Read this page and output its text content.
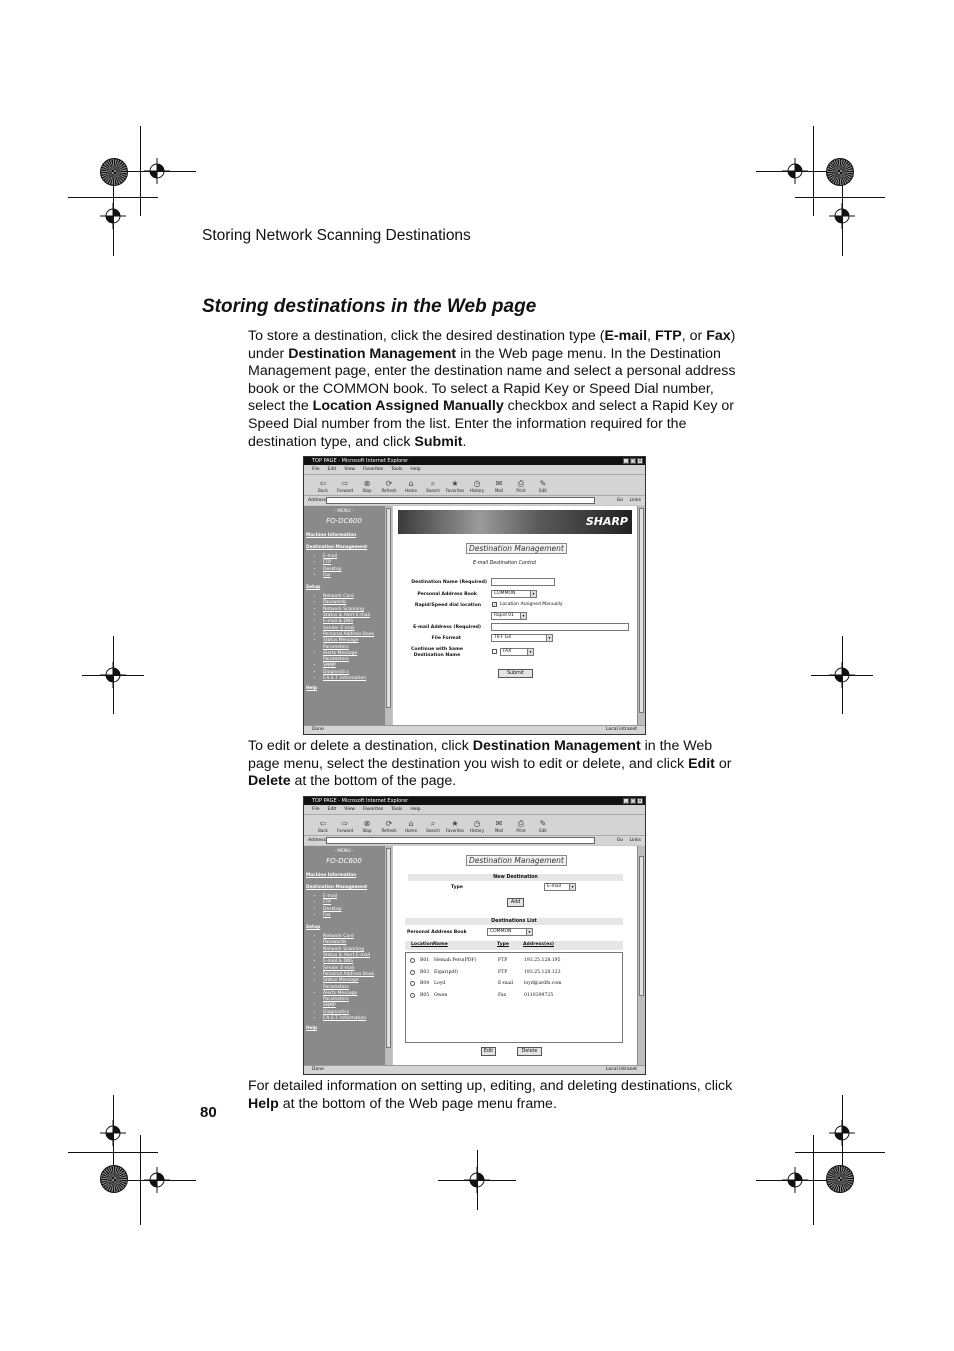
Storing Network Scanning Destinations
Storing destinations in the Web page
To store a destination, click the desired destination type (E-mail, FTP, or Fax) under Destination Management in the Web page menu. In the Destination Management page, enter the destination name and select a personal address book or the COMMON book. To select a Rapid Key or Speed Dial number, select the Location Assigned Manually checkbox and select a Rapid Key or Speed Dial number from the list. Enter the information required for the destination type, and click Submit.
To edit or delete a destination, click Destination Management in the Web page menu, select the destination you wish to edit or delete, and click Edit or Delete at the bottom of the page.
For detailed information on setting up, editing, and deleting destinations, click Help at the bottom of the Web page menu frame.
80
TOP PAGE - Microsoft Internet Explorer	_	□ ×
File Edit View Favorites Tools Help
⇦
Back
⇨
Forward
⊗
Stop
⟳
Refresh
⌂
Home
⌕
Search
★
Favorites
◷
History
✉
Mail
⎙
Print
✎
Edit
Address	Go Links
- MENU -
FO-DC600
Machine Information
Destination Management
• E-mail
• FTP
• Desktop
• Fax
Setup
• Network Card
• Passwords
• Network Scanning
• Status & Alert E-mail
• E-mail & DNS
• Sender E-mail
• Personal Address Book
• Status Message Parameters
• Alerts Message Parameters
• SNMP
• Diagnostics
• F.A.S.T. Information
Help
SHARP
Destination Management
E-mail Destination Control
Destination Name (Required)
Personal Address Book	COMMON	▾
Rapid/Speed dial location	✓ Location Assigned Manually
Rapid 01	▾
E-mail Address (Required)
File Format	TIFF G4	▾
Continue with Same Destination Name
FAX	▾
Submit
Done	Local intranet
TOP PAGE - Microsoft Internet Explorer	_	□ ×
File Edit View Favorites Tools Help
⇦
Back
⇨
Forward
⊗
Stop
⟳
Refresh
⌂
Home
⌕
Search
★
Favorites
◷
History
✉
Mail
⎙
Print
✎
Edit
Address	Go Links
- MENU -
FO-DC600
Machine Information
Destination Management
• E-mail
• FTP
• Desktop
• Fax
Setup
• Network Card
• Passwords
• Network Scanning
• Status & Alert E-mail
• E-mail & DNS
• Sender E-mail
• Personal Address Book
• Status Message Parameters
• Alerts Message Parameters
• SNMP
• Diagnostics
• F.A.S.T. Information
Help
Destination Management
New Destination
Type	E-mail	▾
Add
Destinations List
Personal Address Book	COMMON	▾
Location Name	Type	Address(es)
B01 Hemah Peru(PDF)	FTP	193.25.128.195
B03 Elgar(pdf)	FTP	193.25.128.123
B04 Loyd	E-mail loyd@ardfs.com
B05 Owen	Fax	0110399725
Edit	Delete
Done	Local intranet
